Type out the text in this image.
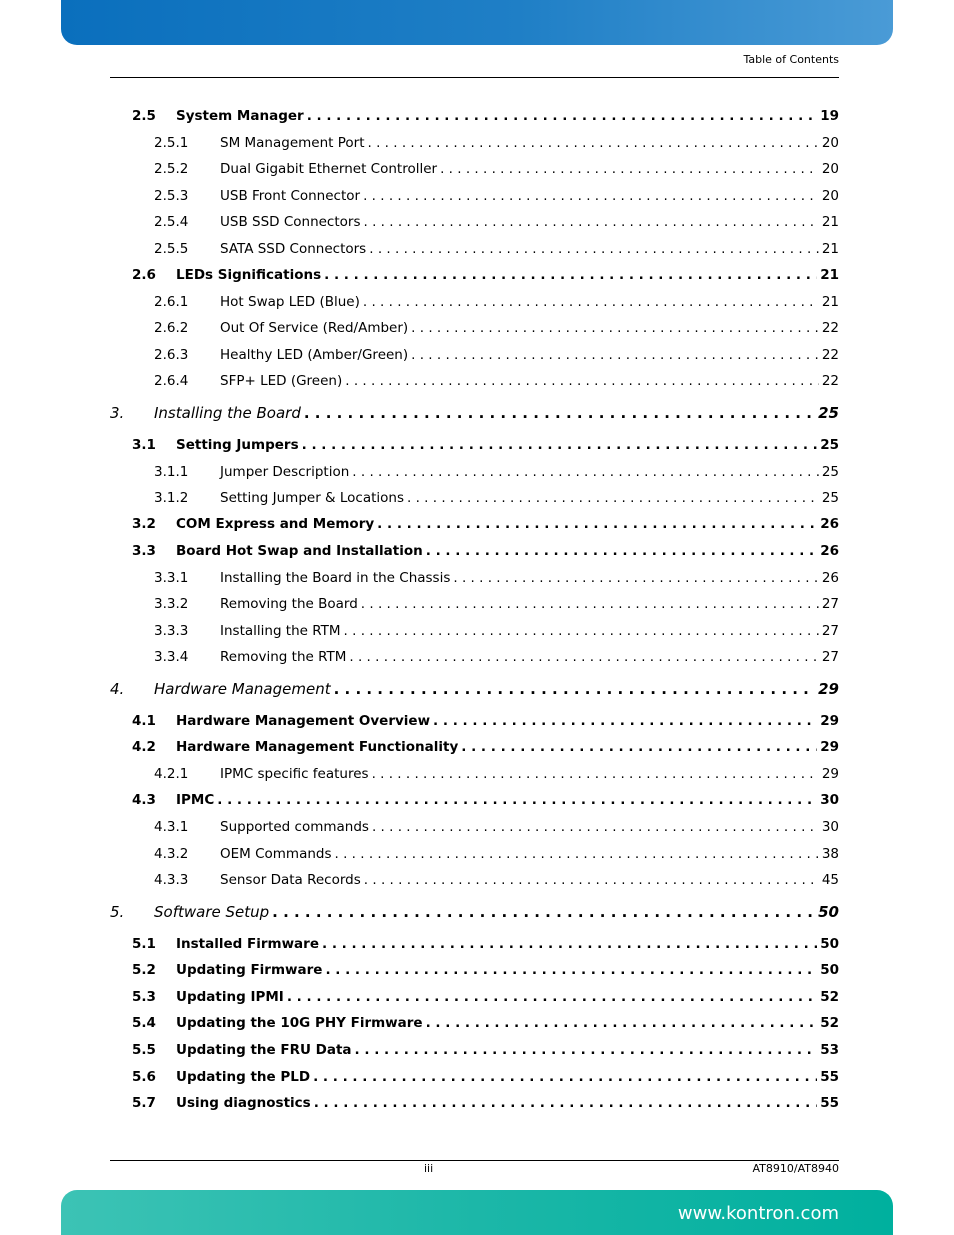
Table of Contents
2.5	System Manager . . .	19
2.5.1	SM Management Port . . .	20
2.5.2	Dual Gigabit Ethernet Controller . . .	20
2.5.3	USB Front Connector . . .	20
2.5.4	USB SSD Connectors . . .	21
2.5.5	SATA SSD Connectors . . .	21
2.6	LEDs Significations . . .	21
2.6.1	Hot Swap LED (Blue) . . .	21
2.6.2	Out Of Service (Red/Amber) . . .	22
2.6.3	Healthy LED (Amber/Green) . . .	22
2.6.4	SFP+ LED (Green) . . .	22
3.	Installing the Board . . .	25
3.1	Setting Jumpers . . .	25
3.1.1	Jumper Description . . .	25
3.1.2	Setting Jumper & Locations . . .	25
3.2	COM Express and Memory . . .	26
3.3	Board Hot Swap and Installation . . .	26
3.3.1	Installing the Board in the Chassis . . .	26
3.3.2	Removing the Board . . .	27
3.3.3	Installing the RTM . . .	27
3.3.4	Removing the RTM . . .	27
4.	Hardware Management . . .	29
4.1	Hardware Management Overview . . .	29
4.2	Hardware Management Functionality . . .	29
4.2.1	IPMC specific features . . .	29
4.3	IPMC . . .	30
4.3.1	Supported commands . . .	30
4.3.2	OEM Commands . . .	38
4.3.3	Sensor Data Records . . .	45
5.	Software Setup . . .	50
5.1	Installed Firmware . . .	50
5.2	Updating Firmware . . .	50
5.3	Updating IPMI . . .	52
5.4	Updating the 10G PHY Firmware . . .	52
5.5	Updating the FRU Data . . .	53
5.6	Updating the PLD . . .	55
5.7	Using diagnostics . . .	55
iii	AT8910/AT8940
www.kontron.com
